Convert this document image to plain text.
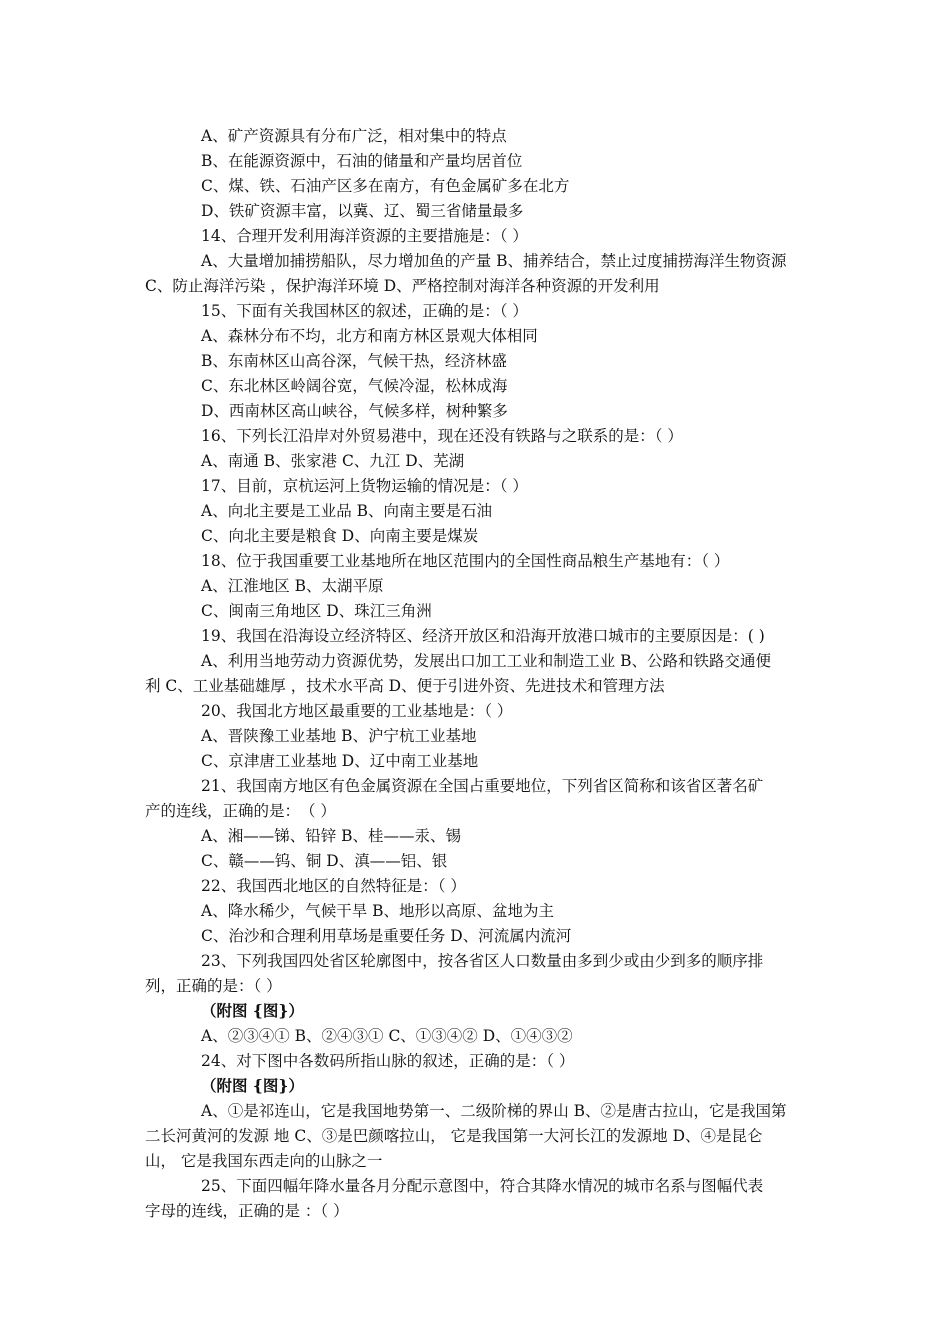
A、矿产资源具有分布广泛，相对集中的特点
B、在能源资源中，石油的储量和产量均居首位
C、煤、铁、石油产区多在南方，有色金属矿多在北方
D、铁矿资源丰富，以冀、辽、蜀三省储量最多
14、合理开发利用海洋资源的主要措施是：（ ）
A、大量增加捕捞船队，尽力增加鱼的产量 B、捕养结合，禁止过度捕捞海洋生物资源
C、防止海洋污染 ，保护海洋环境 D、严格控制对海洋各种资源的开发利用
15、下面有关我国林区的叙述，正确的是：（ ）
A、森林分布不均，北方和南方林区景观大体相同
B、东南林区山高谷深，气候干热，经济林盛
C、东北林区岭阔谷宽，气候冷湿，松林成海
D、西南林区高山峡谷，气候多样，树种繁多
16、下列长江沿岸对外贸易港中，现在还没有铁路与之联系的是：（ ）
A、南通 B、张家港 C、九江 D、芜湖
17、目前，京杭运河上货物运输的情况是：（ ）
A、向北主要是工业品 B、向南主要是石油
C、向北主要是粮食 D、向南主要是煤炭
18、位于我国重要工业基地所在地区范围内的全国性商品粮生产基地有：（ ）
A、江淮地区 B、太湖平原
C、闽南三角地区 D、珠江三角洲
19、我国在沿海设立经济特区、经济开放区和沿海开放港口城市的主要原因是：( )
A、利用当地劳动力资源优势，发展出口加工工业和制造工业 B、公路和铁路交通便
利 C、工业基础雄厚 ，技术水平高 D、便于引进外资、先进技术和管理方法
20、我国北方地区最重要的工业基地是：（ ）
A、晋陕豫工业基地 B、沪宁杭工业基地
C、京津唐工业基地 D、辽中南工业基地
21、我国南方地区有色金属资源在全国占重要地位，下列省区简称和该省区著名矿
产的连线，正确的是：　（ ）
A、湘——锑、铅锌 B、桂——汞、锡
C、赣——钨、铜 D、滇——铝、银
22、我国西北地区的自然特征是：（ ）
A、降水稀少，气候干旱 B、地形以高原、盆地为主
C、治沙和合理利用草场是重要任务 D、河流属内流河
23、下列我国四处省区轮廓图中，按各省区人口数量由多到少或由少到多的顺序排
列，正确的是：（ ）
（附图 {图}）
A、②③④① B、②④③① C、①③④② D、①④③②
24、对下图中各数码所指山脉的叙述，正确的是：（ ）
（附图 {图}）
A、①是祁连山，它是我国地势第一、二级阶梯的界山 B、②是唐古拉山，它是我国第
二长河黄河的发源 地 C、③是巴颜喀拉山， 它是我国第一大河长江的发源地 D、④是昆仑
山， 它是我国东西走向的山脉之一
25、下面四幅年降水量各月分配示意图中，符合其降水情况的城市名系与图幅代表
字母的连线，正确的是 ：（ ）
